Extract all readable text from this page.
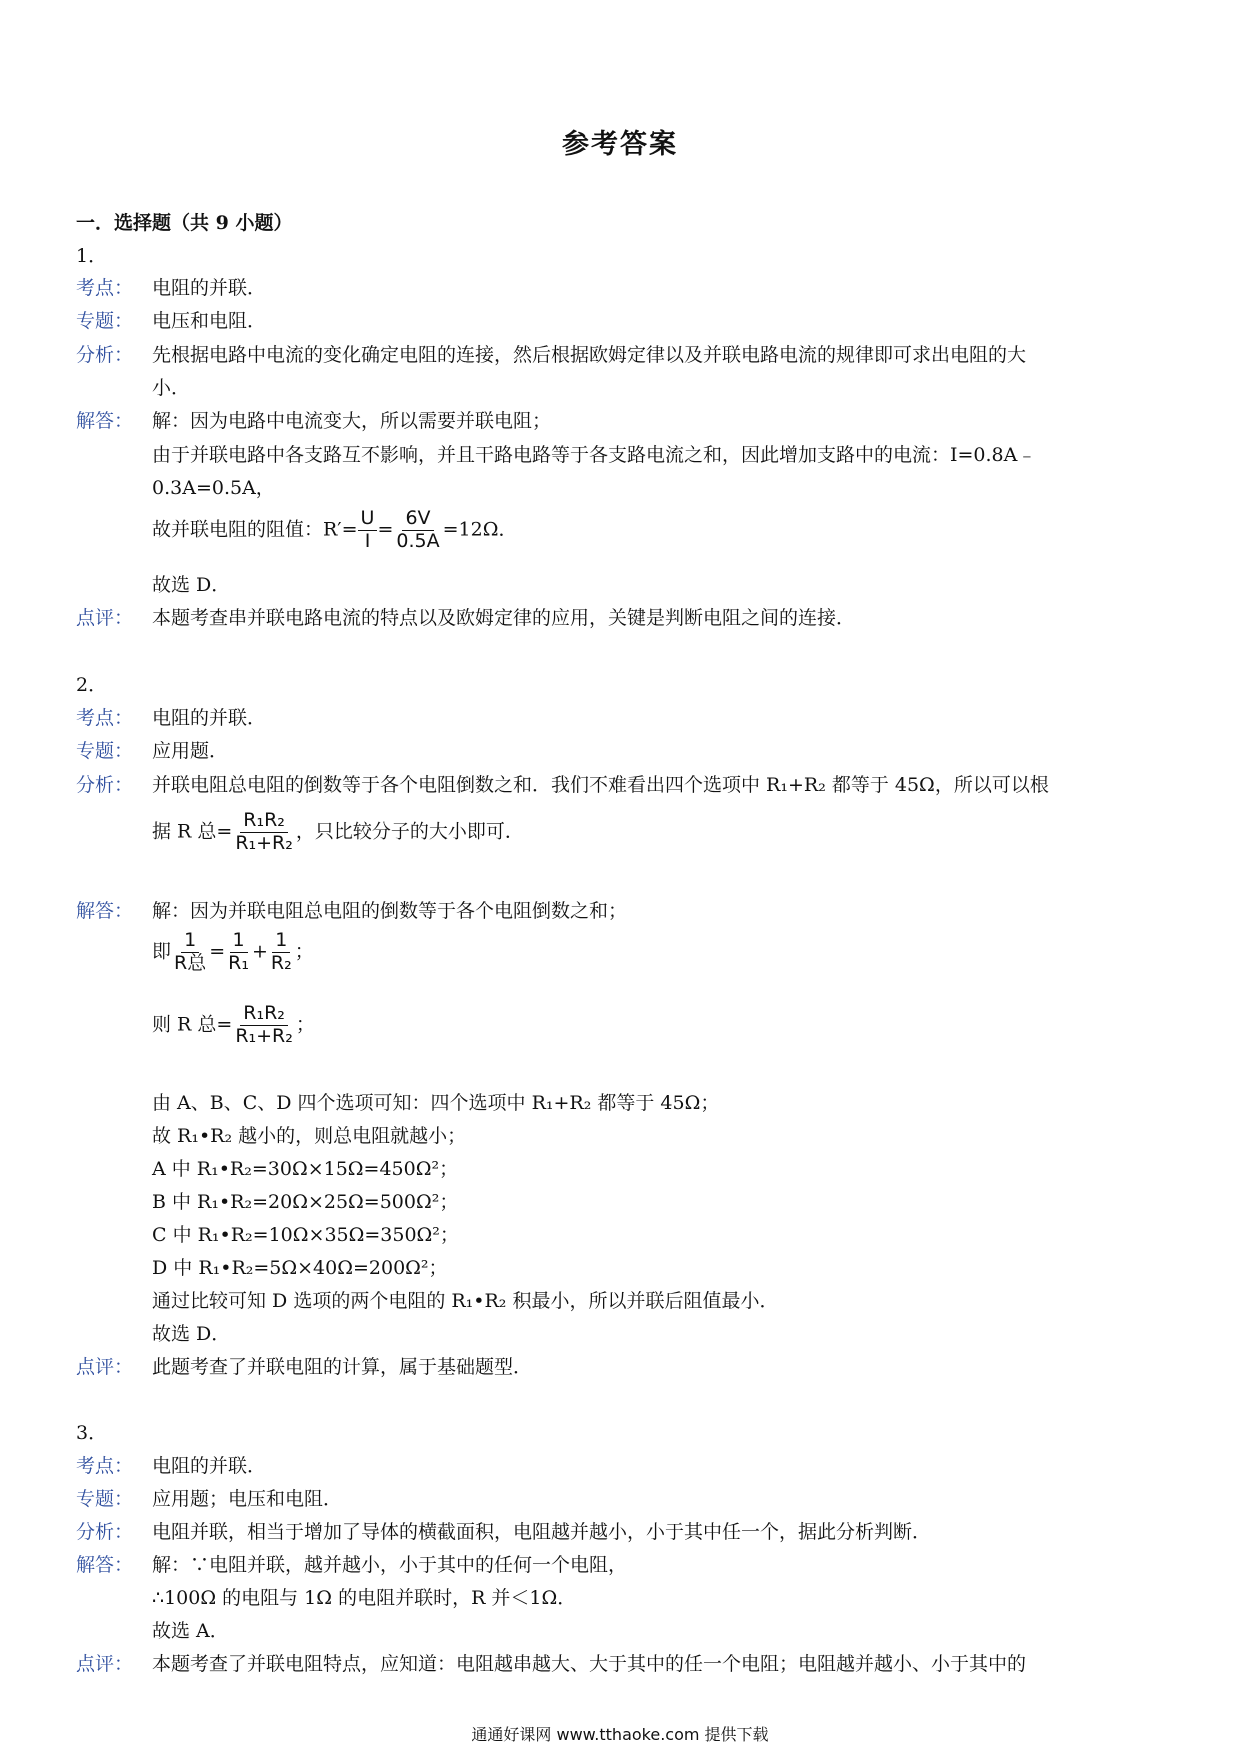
参考答案
一．选择题（共 9 小题）
1．
考点： 电阻的并联．
专题： 电压和电阻．
分析： 先根据电路中电流的变化确定电阻的连接，然后根据欧姆定律以及并联电路电流的规律即可求出电阻的大
小．
解答： 解：因为电路中电流变大，所以需要并联电阻；
由于并联电路中各支路互不影响，并且干路电路等于各支路电流之和，因此增加支路中的电流：I=0.8A﹣
0.3A=0.5A，
故并联电阻的阻值：$R'= \frac{U}{I} = \frac{6V}{0.5A} =12\Omega$．
故选 D．
点评： 本题考查串并联电路电流的特点以及欧姆定律的应用，关键是判断电阻之间的连接．
2．
考点： 电阻的并联．
专题： 应用题．
分析： 并联电阻总电阻的倒数等于各个电阻倒数之和．我们不难看出四个选项中 R₁+R₂ 都等于 45Ω，所以可以根
据 R 总= $\frac{\text{R₁R₂}}{\text{R₁+R₂}}$ ，只比较分子的大小即可．
解答： 解：因为并联电阻总电阻的倒数等于各个电阻倒数之和；
即 $\frac{1}{\text{R总}} = \frac{1}{\text{R₁}} + \frac{1}{\text{R₂}}$ ；
则 R 总= $\frac{\text{R₁R₂}}{\text{R₁+R₂}}$ ；
由 A、B、C、D 四个选项可知：四个选项中 R₁+R₂ 都等于 45Ω；
故 R₁•R₂ 越小的，则总电阻就越小；
A 中 R₁•R₂=30Ω×15Ω=450Ω²；
B 中 R₁•R₂=20Ω×25Ω=500Ω²；
C 中 R₁•R₂=10Ω×35Ω=350Ω²；
D 中 R₁•R₂=5Ω×40Ω=200Ω²；
通过比较可知 D 选项的两个电阻的 R₁•R₂ 积最小，所以并联后阻值最小．
故选 D．
点评： 此题考查了并联电阻的计算，属于基础题型．
3．
考点： 电阻的并联．
专题： 应用题；电压和电阻．
分析： 电阻并联，相当于增加了导体的横截面积，电阻越并越小，小于其中任一个，据此分析判断．
解答： 解：∵电阻并联，越并越小，小于其中的任何一个电阻，
∴100Ω 的电阻与 1Ω 的电阻并联时，R 并＜1Ω．
故选 A．
点评： 本题考查了并联电阻特点，应知道：电阻越串越大、大于其中的任一个电阻；电阻越并越小、小于其中的
通通好课网 www.tthaoke.com 提供下载
